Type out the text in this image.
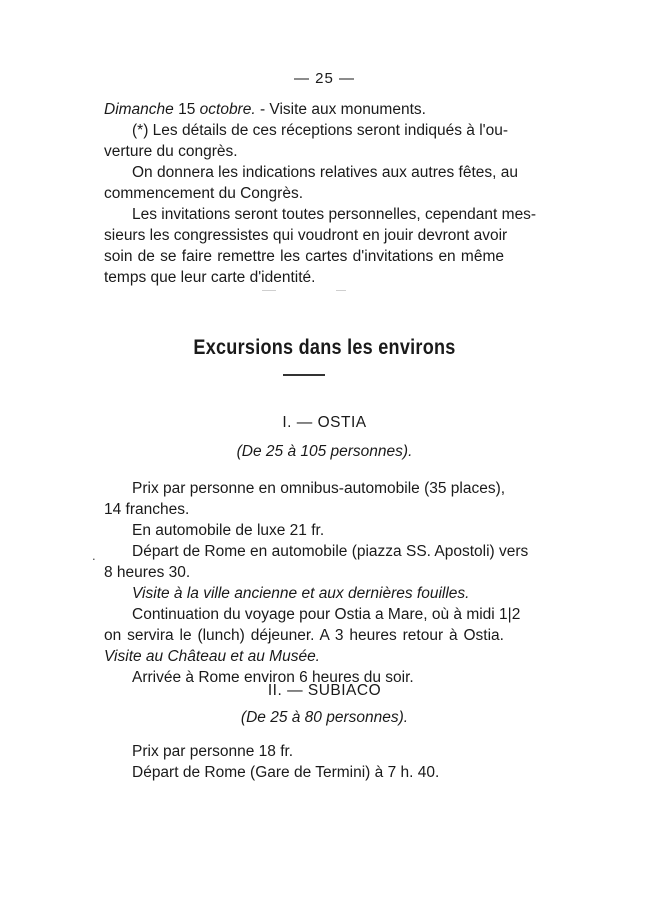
— 25 —
Dimanche 15 octobre. - Visite aux monuments.
(*) Les détails de ces réceptions seront indiqués à l'ou-
verture du congrès.
On donnera les indications relatives aux autres fêtes, au
commencement du Congrès.
Les invitations seront toutes personnelles, cependant mes-
sieurs les congressistes qui voudront en jouir devront avoir
soin de se faire remettre les cartes d'invitations en même
temps que leur carte d'identité.
Excursions dans les environs
I. — OSTIA
(De 25 à 105 personnes).
Prix par personne en omnibus-automobile (35 places),
14 franches.
En automobile de luxe 21 fr.
Départ de Rome en automobile (piazza SS. Apostoli) vers
8 heures 30.
Visite à la ville ancienne et aux dernières fouilles.
Continuation du voyage pour Ostia a Mare, où à midi 1|2
on servira le (lunch) déjeuner. A 3 heures retour à Ostia.
Visite au Château et au Musée.
Arrivée à Rome environ 6 heures du soir.
.
II. — SUBIACO
(De 25 à 80 personnes).
Prix par personne 18 fr.
Départ de Rome (Gare de Termini) à 7 h. 40.
